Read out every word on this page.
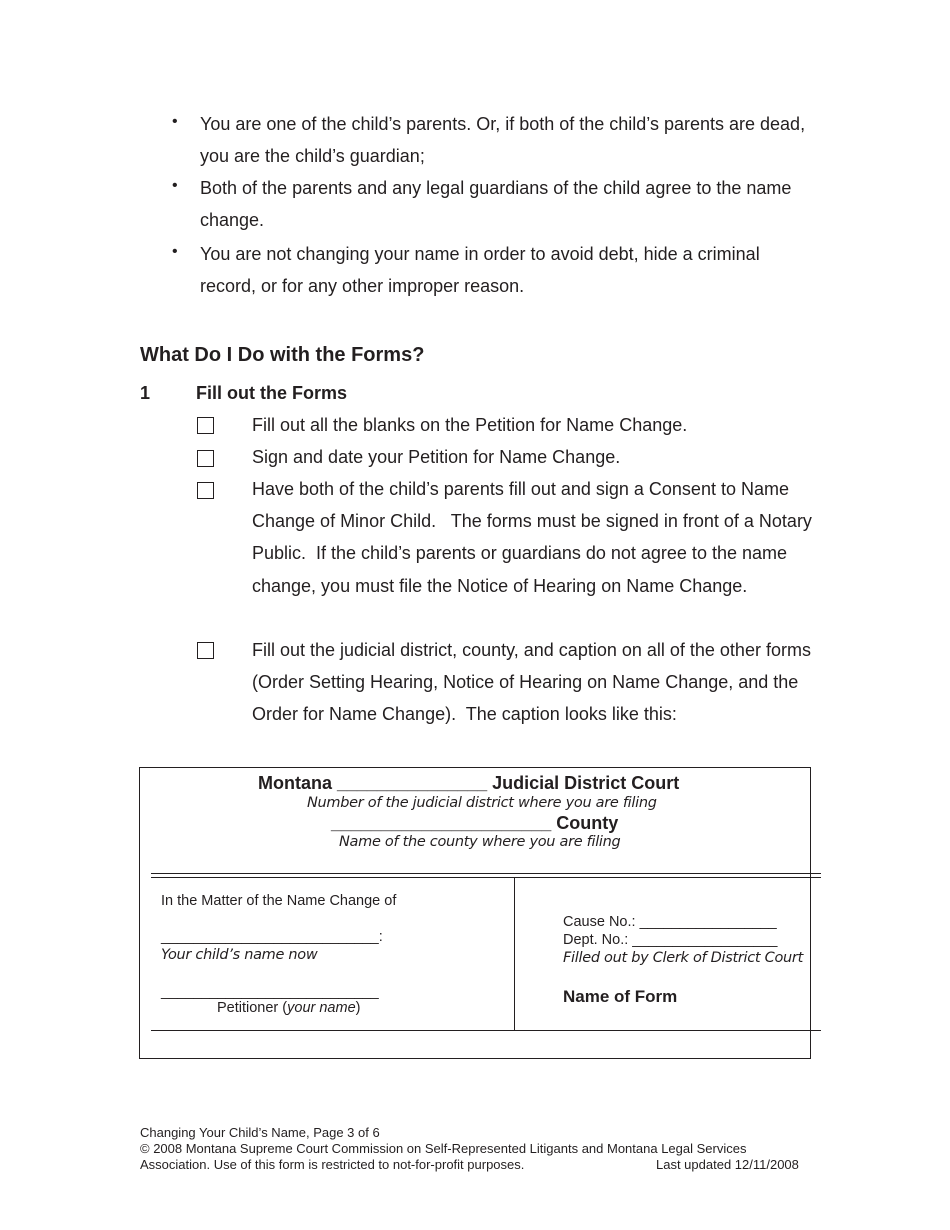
• You are one of the child’s parents. Or, if both of the child’s parents are dead, you are the child’s guardian;
• Both of the parents and any legal guardians of the child agree to the name change.
• You are not changing your name in order to avoid debt, hide a criminal record, or for any other improper reason.
What Do I Do with the Forms?
1	Fill out the Forms
Fill out all the blanks on the Petition for Name Change.
Sign and date your Petition for Name Change.
Have both of the child’s parents fill out and sign a Consent to Name Change of Minor Child.   The forms must be signed in front of a Notary Public.  If the child’s parents or guardians do not agree to the name change, you must file the Notice of Hearing on Name Change.
Fill out the judicial district, county, and caption on all of the other forms (Order Setting Hearing, Notice of Hearing on Name Change, and the Order for Name Change).  The caption looks like this:
Montana _______________ Judicial District Court
Number of the judicial district where you are filing
______________________ County
Name of the county where you are filing
In the Matter of the Name Change of
___________________________:
Your child’s name now
___________________________
Petitioner (your name)
Cause No.: _________________
Dept. No.: __________________
Filled out by Clerk of District Court
Name of Form
Changing Your Child’s Name, Page 3 of 6
© 2008 Montana Supreme Court Commission on Self-Represented Litigants and Montana Legal Services
Association. Use of this form is restricted to not-for-profit purposes.	Last updated 12/11/2008
